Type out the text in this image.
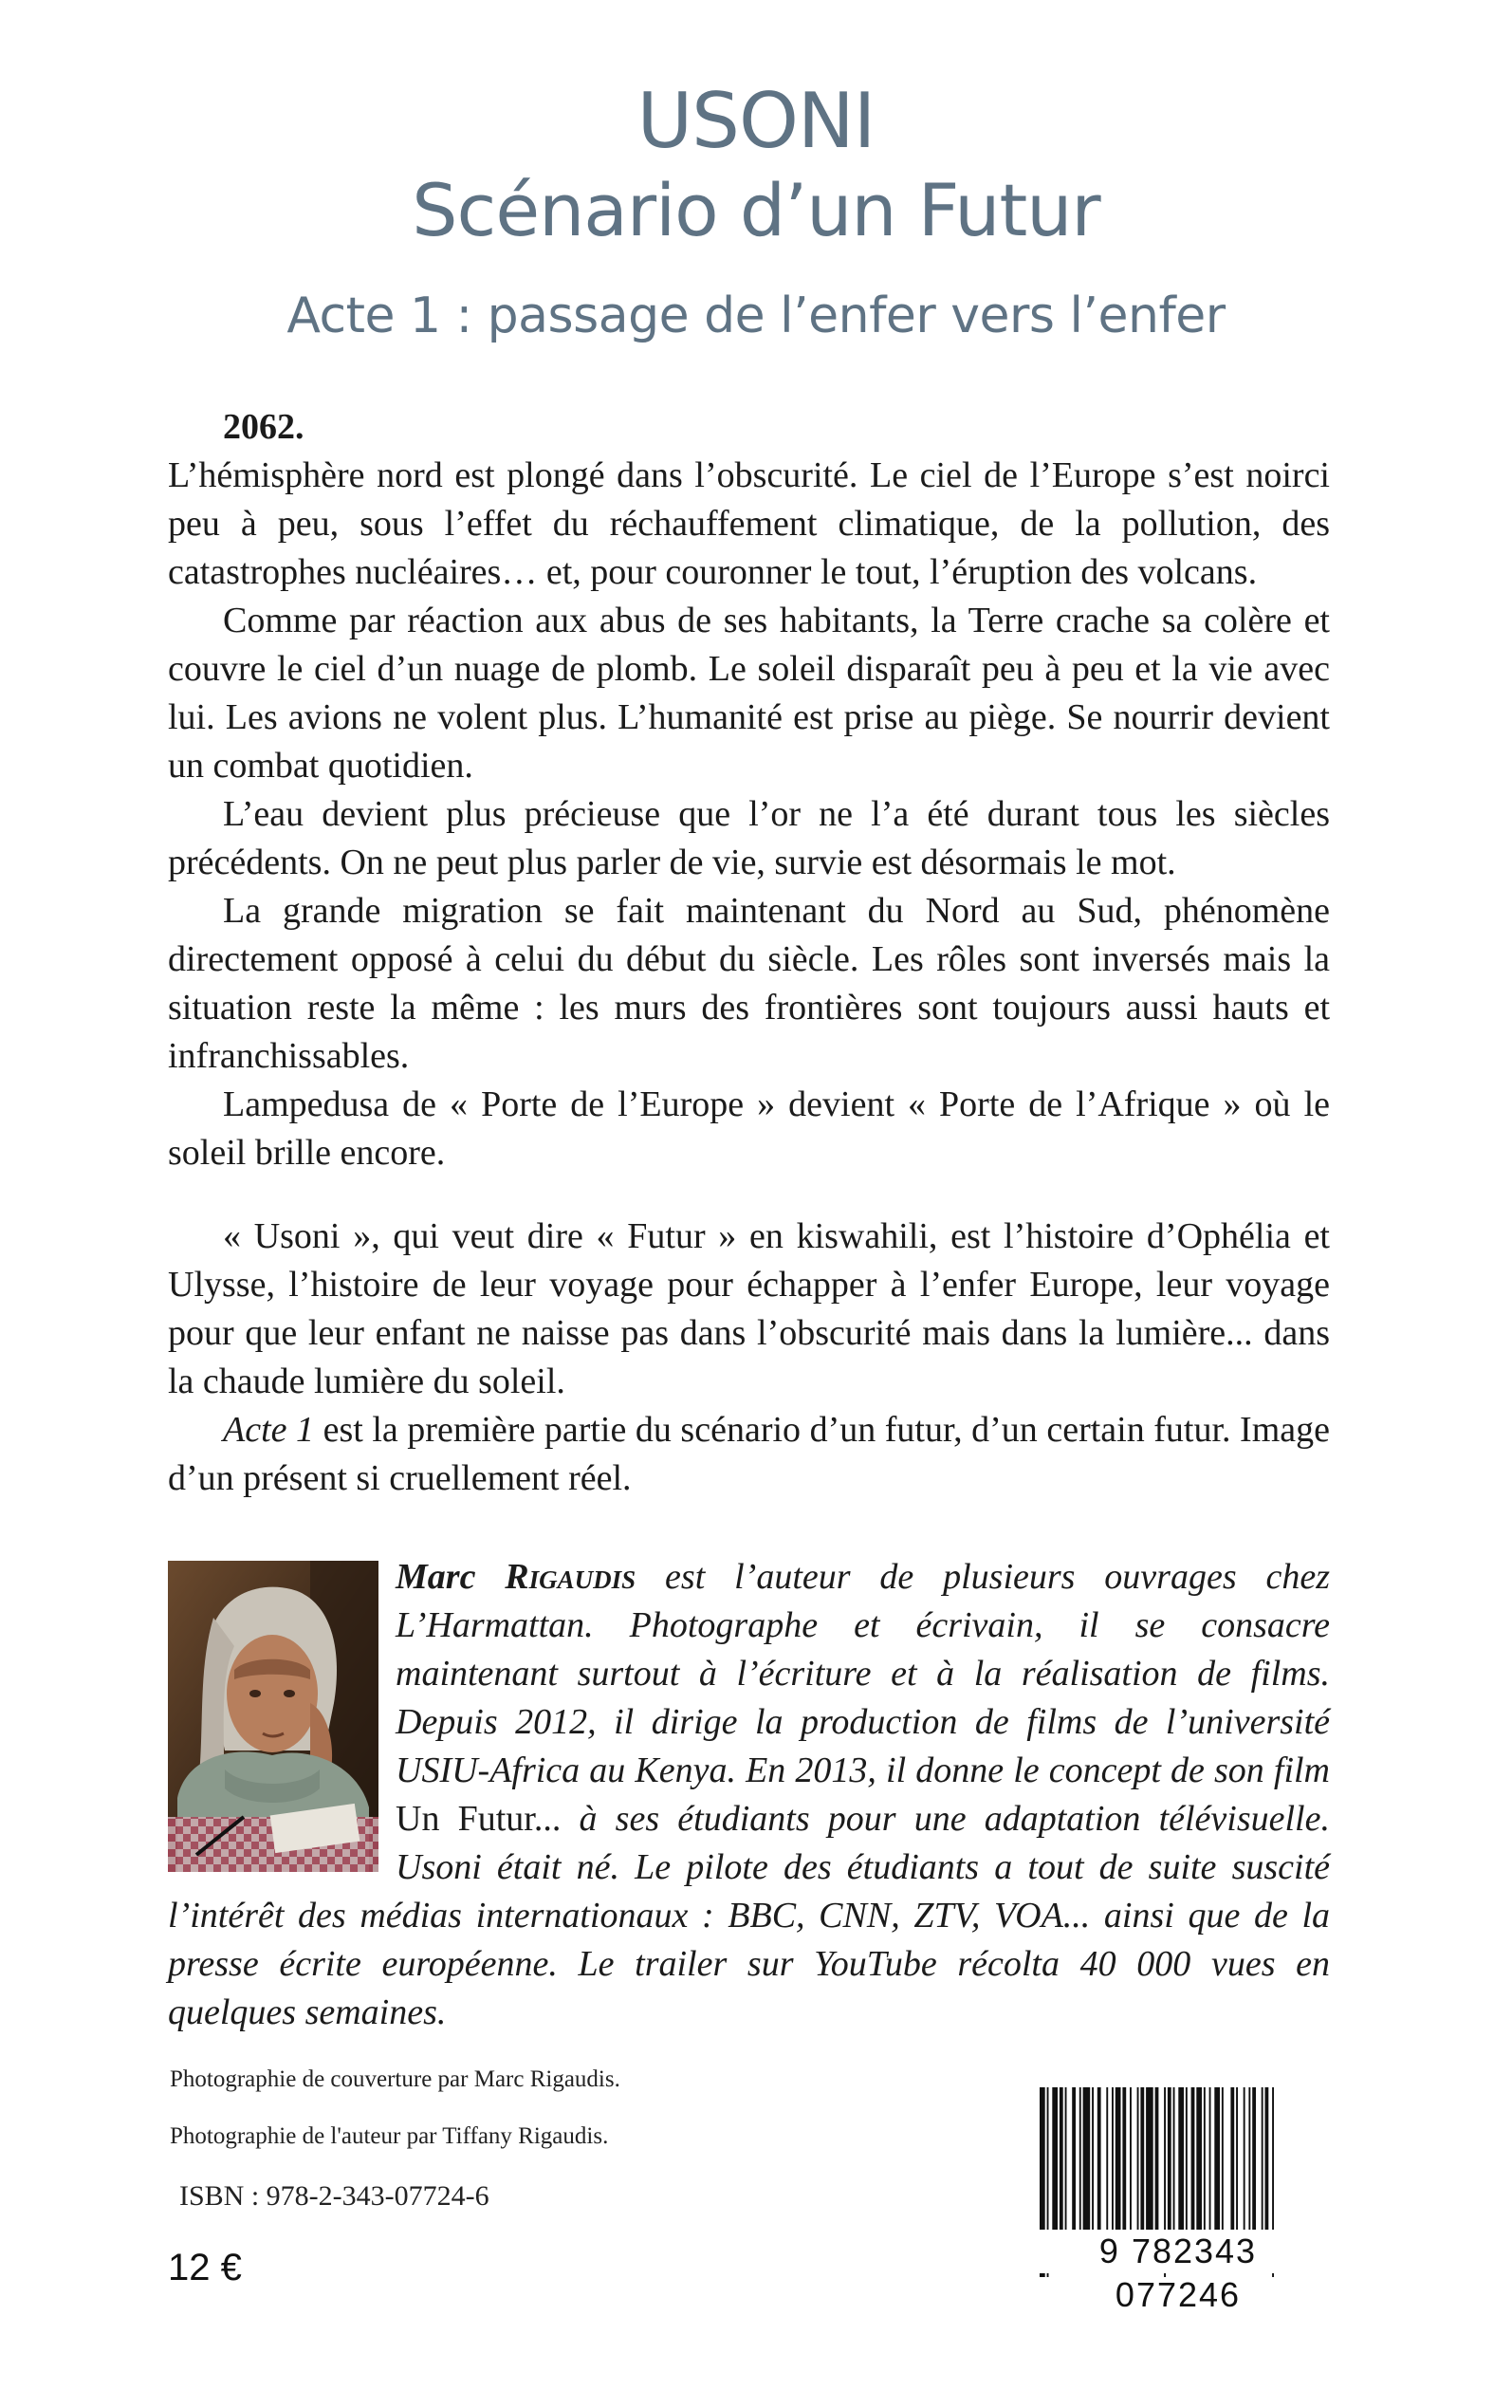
USONI
Scénario d’un Futur
Acte 1 : passage de l’enfer vers l’enfer
2062.

L’hémisphère nord est plongé dans l’obscurité. Le ciel de l’Europe s’est noirci peu à peu, sous l’effet du réchauffement climatique, de la pollution, des catastrophes nucléaires… et, pour couronner le tout, l’éruption des volcans.

Comme par réaction aux abus de ses habitants, la Terre crache sa colère et couvre le ciel d’un nuage de plomb. Le soleil disparaît peu à peu et la vie avec lui. Les avions ne volent plus. L’humanité est prise au piège. Se nourrir devient un combat quotidien.

L’eau devient plus précieuse que l’or ne l’a été durant tous les siècles précédents. On ne peut plus parler de vie, survie est désormais le mot.

La grande migration se fait maintenant du Nord au Sud, phénomène directement opposé à celui du début du siècle. Les rôles sont inversés mais la situation reste la même : les murs des frontières sont toujours aussi hauts et infranchissables.

Lampedusa de « Porte de l’Europe » devient « Porte de l’Afrique » où le soleil brille encore.

« Usoni », qui veut dire « Futur » en kiswahili, est l’histoire d’Ophélia et Ulysse, l’histoire de leur voyage pour échapper à l’enfer Europe, leur voyage pour que leur enfant ne naisse pas dans l’obscurité mais dans la lumière... dans la chaude lumière du soleil.

Acte 1 est la première partie du scénario d’un futur, d’un certain futur. Image d’un présent si cruellement réel.

Marc Rigaudis est l’auteur de plusieurs ouvrages chez L’Harmattan. Photographe et écrivain, il se consacre maintenant surtout à l’écriture et à la réalisation de films. Depuis 2012, il dirige la production de films de l’université USIU-Africa au Kenya. En 2013, il donne le concept de son film Un Futur... à ses étudiants pour une adaptation télévisuelle. Usoni était né. Le pilote des étudiants a tout de suite suscité l’intérêt des médias internationaux : BBC, CNN, ZTV, VOA... ainsi que de la presse écrite européenne. Le trailer sur YouTube récolta 40 000 vues en quelques semaines.
Photographie de couverture par Marc Rigaudis.
Photographie de l'auteur par Tiffany Rigaudis.
ISBN : 978-2-343-07724-6
12 €	9 782343 077246
